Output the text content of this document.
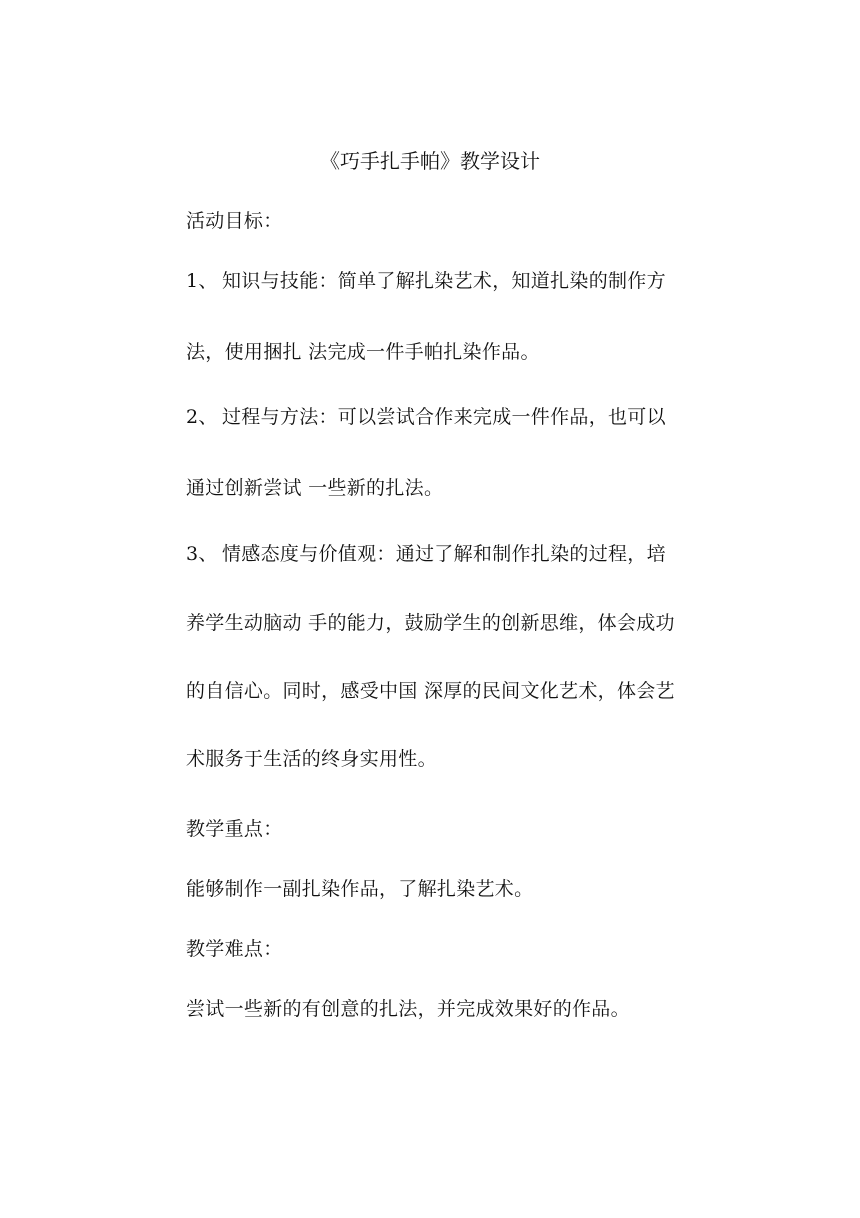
《巧手扎手帕》教学设计
活动目标：
1、 知识与技能：简单了解扎染艺术，知道扎染的制作方
法，使用捆扎 法完成一件手帕扎染作品。
2、 过程与方法：可以尝试合作来完成一件作品，也可以
通过创新尝试 一些新的扎法。
3、 情感态度与价值观：通过了解和制作扎染的过程，培
养学生动脑动 手的能力，鼓励学生的创新思维，体会成功
的自信心。同时，感受中国 深厚的民间文化艺术，体会艺
术服务于生活的终身实用性。
教学重点：
能够制作一副扎染作品，了解扎染艺术。
教学难点：
尝试一些新的有创意的扎法，并完成效果好的作品。
